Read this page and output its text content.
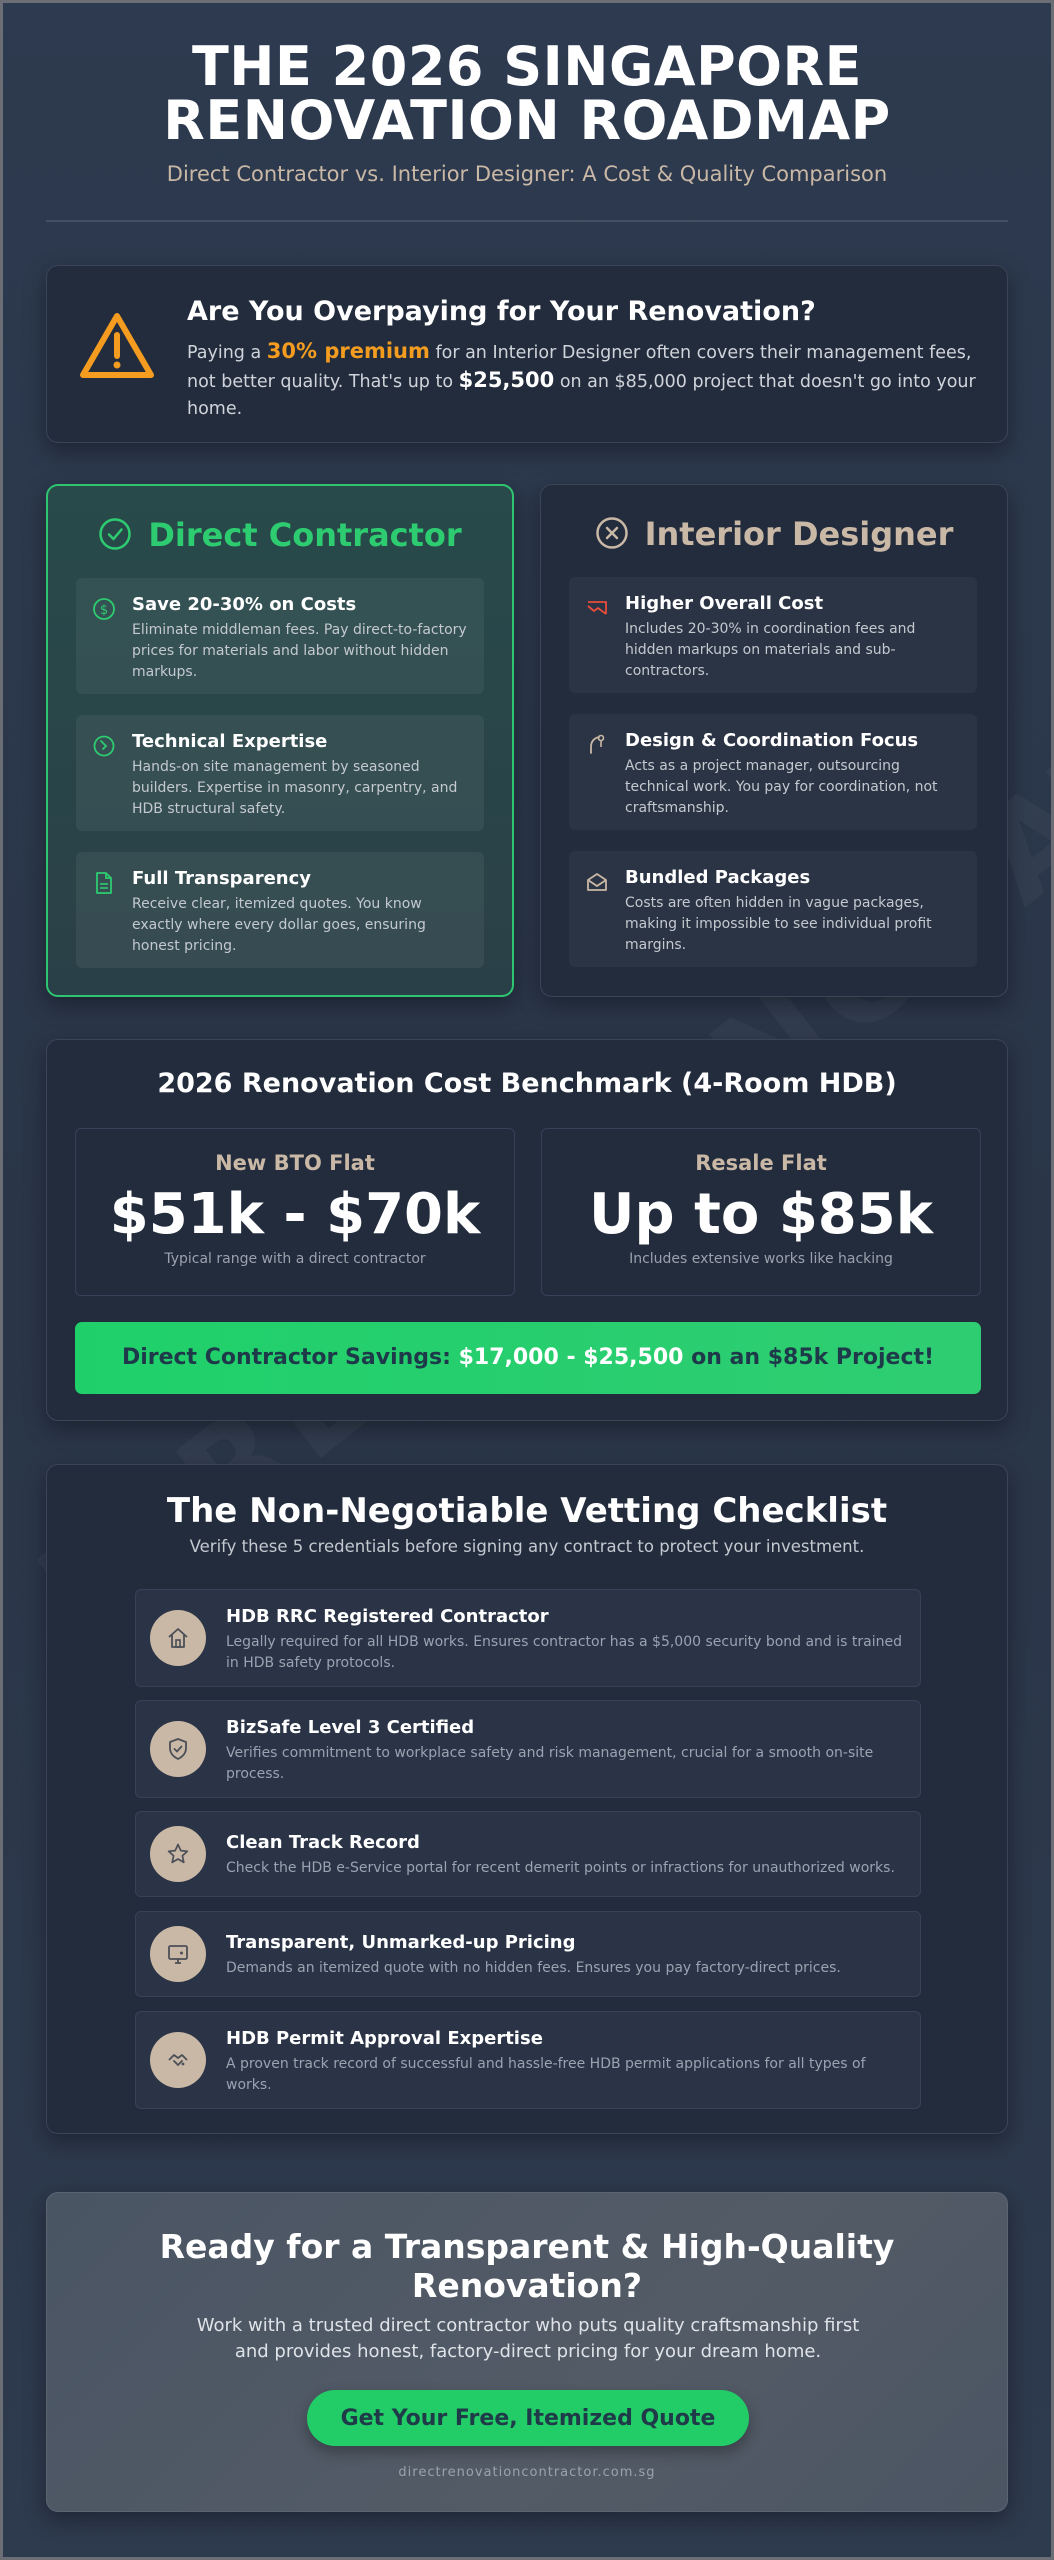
THE 2026 SINGAPORE
RENOVATION ROADMAP
Direct Contractor vs. Interior Designer: A Cost & Quality Comparison
Are You Overpaying for Your Renovation?
Paying a 30% premium for an Interior Designer often covers their management fees, not better quality. That's up to $25,500 on an $85,000 project that doesn't go into your home.
Direct Contractor
$ Save 20-30% on Costs
Eliminate middleman fees. Pay direct-to-factory prices for materials and labor without hidden markups.
Technical Expertise
Hands-on site management by seasoned builders. Expertise in masonry, carpentry, and HDB structural safety.
Full Transparency
Receive clear, itemized quotes. You know exactly where every dollar goes, ensuring honest pricing.
Interior Designer
Higher Overall Cost
Includes 20-30% in coordination fees and hidden markups on materials and sub-contractors.
Design & Coordination Focus
Acts as a project manager, outsourcing technical work. You pay for coordination, not craftsmanship.
Bundled Packages
Costs are often hidden in vague packages, making it impossible to see individual profit margins.
2026 Renovation Cost Benchmark (4-Room HDB)
New BTO Flat
$51k - $70k
Typical range with a direct contractor
Resale Flat
Up to $85k
Includes extensive works like hacking
Direct Contractor Savings: $17,000 - $25,500 on an $85k Project!
The Non-Negotiable Vetting Checklist
Verify these 5 credentials before signing any contract to protect your investment.
HDB RRC Registered Contractor
Legally required for all HDB works. Ensures contractor has a $5,000 security bond and is trained in HDB safety protocols.
BizSafe Level 3 Certified
Verifies commitment to workplace safety and risk management, crucial for a smooth on-site process.
Clean Track Record
Check the HDB e-Service portal for recent demerit points or infractions for unauthorized works.
Transparent, Unmarked-up Pricing
Demands an itemized quote with no hidden fees. Ensures you pay factory-direct prices.
HDB Permit Approval Expertise
A proven track record of successful and hassle-free HDB permit applications for all types of works.
Ready for a Transparent & High-Quality
Renovation?
Work with a trusted direct contractor who puts quality craftsmanship first and provides honest, factory-direct pricing for your dream home.
Get Your Free, Itemized Quote
directrenovationcontractor.com.sg
